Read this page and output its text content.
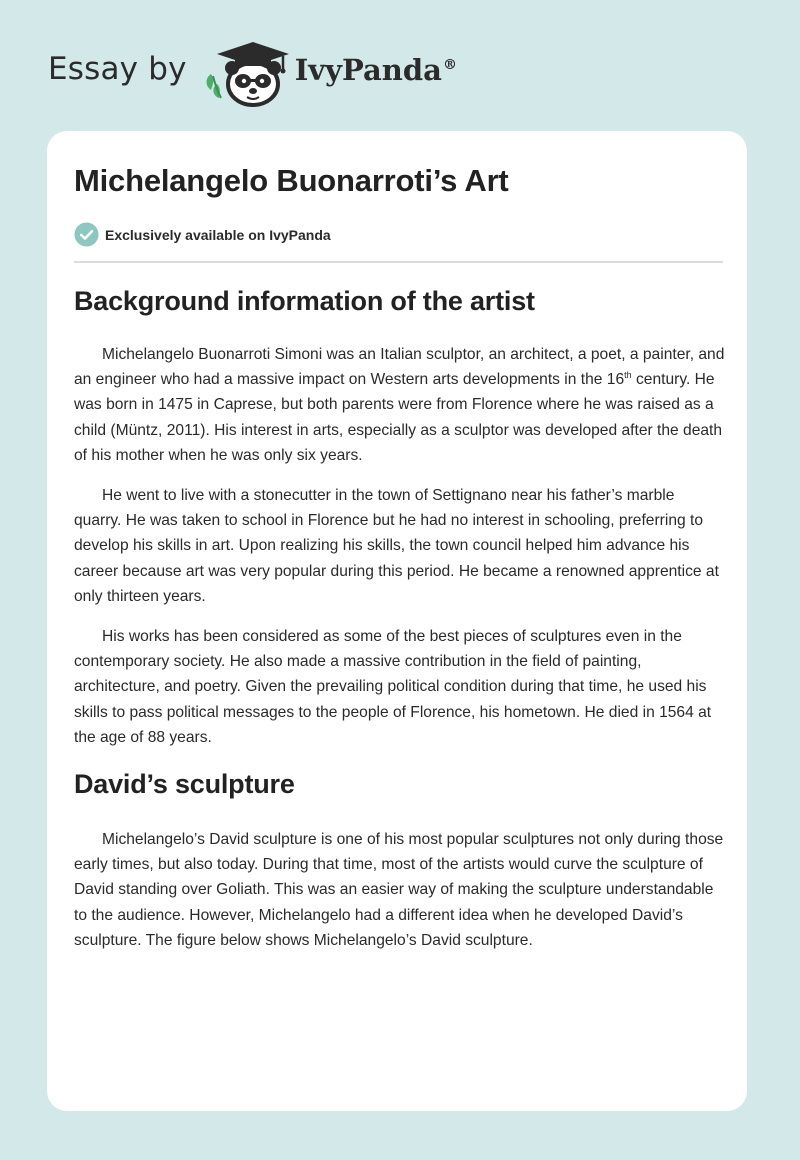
Essay by	IvyPanda®
Michelangelo Buonarroti’s Art
Exclusively available on IvyPanda
Background information of the artist

Michelangelo Buonarroti Simoni was an Italian sculptor, an architect, a poet, a painter, and an engineer who had a massive impact on Western arts developments in the 16th century. He was born in 1475 in Caprese, but both parents were from Florence where he was raised as a child (Müntz, 2011). His interest in arts, especially as a sculptor was developed after the death of his mother when he was only six years.

He went to live with a stonecutter in the town of Settignano near his father’s marble quarry. He was taken to school in Florence but he had no interest in schooling, preferring to develop his skills in art. Upon realizing his skills, the town council helped him advance his career because art was very popular during this period. He became a renowned apprentice at only thirteen years.

His works has been considered as some of the best pieces of sculptures even in the contemporary society. He also made a massive contribution in the field of painting, architecture, and poetry. Given the prevailing political condition during that time, he used his skills to pass political messages to the people of Florence, his hometown. He died in 1564 at the age of 88 years.

David’s sculpture

Michelangelo’s David sculpture is one of his most popular sculptures not only during those early times, but also today. During that time, most of the artists would curve the sculpture of David standing over Goliath. This was an easier way of making the sculpture understandable to the audience. However, Michelangelo had a different idea when he developed David’s sculpture. The figure below shows Michelangelo’s David sculpture.
